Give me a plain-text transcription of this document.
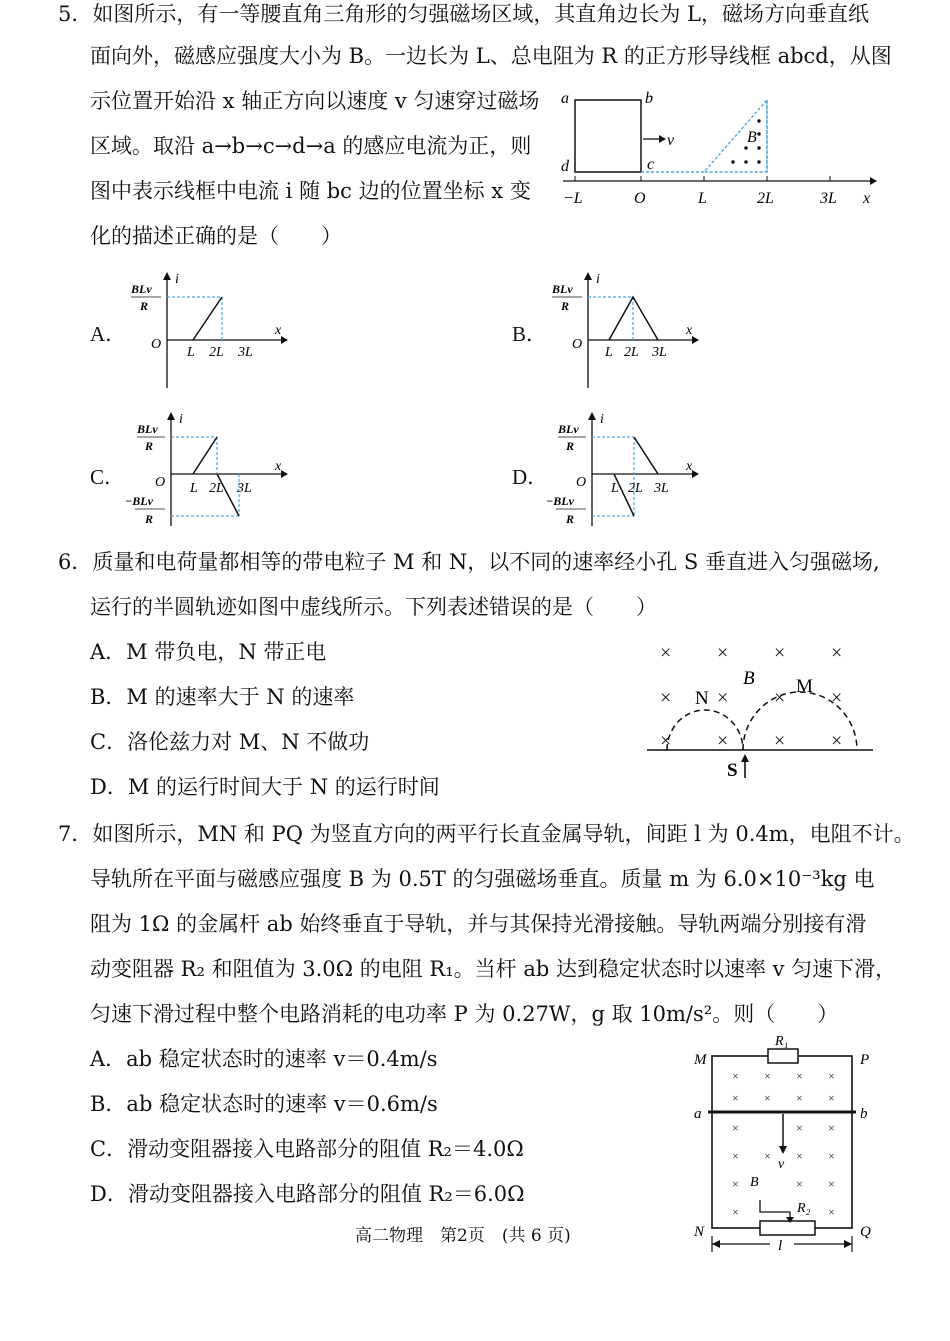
5．如图所示，有一等腰直角三角形的匀强磁场区域，其直角边长为 L，磁场方向垂直纸
面向外，磁感应强度大小为 B。一边长为 L、总电阻为 R 的正方形导线框 abcd，从图
示位置开始沿 x 轴正方向以速度 v 匀速穿过磁场
区域。取沿 a→b→c→d→a 的感应电流为正，则
图中表示线框中电流 i 随 bc 边的位置坐标 x 变
化的描述正确的是（　　）
v	B
a	b
c
d
−L	O	L	2L	3L x
A．	B．
C．	D．
i
x
O
BLv
R
L 2L 3L
i
x
O
BLv
R
L 2L 3L
i
x
O
BLv
R
−BLv
R
L 2L 3L
i
x
O
BLv
R
−BLv
R
L 2L 3L
6．质量和电荷量都相等的带电粒子 M 和 N，以不同的速率经小孔 S 垂直进入匀强磁场,
运行的半圆轨迹如图中虚线所示。下列表述错误的是（　　）
A．M 带负电，N 带正电
B．M 的速率大于 N 的速率
C．洛伦兹力对 M、N 不做功
D．M 的运行时间大于 N 的运行时间
× × × ×
× × × ×
× × × ×
B M
N
S
7．如图所示，MN 和 PQ 为竖直方向的两平行长直金属导轨，间距 l 为 0.4m，电阻不计。
导轨所在平面与磁感应强度 B 为 0.5T 的匀强磁场垂直。质量 m 为 6.0×10⁻³kg 电
阻为 1Ω 的金属杆 ab 始终垂直于导轨，并与其保持光滑接触。导轨两端分别接有滑
动变阻器 R₂ 和阻值为 3.0Ω 的电阻 R₁。当杆 ab 达到稳定状态时以速率 v 匀速下滑，
匀速下滑过程中整个电路消耗的电功率 P 为 0.27W，g 取 10m/s²。则（　　）
A．ab 稳定状态时的速率 v＝0.4m/s
B．ab 稳定状态时的速率 v＝0.6m/s
C．滑动变阻器接入电路部分的阻值 R₂＝4.0Ω
D．滑动变阻器接入电路部分的阻值 R₂＝6.0Ω
R₁
v
R₂
× × × ×
× × × ×
×	× ×
× × × ×
×	× ×
×	×
B
M	P
a	b
N	Q
l
高二物理　第2页　(共 6 页)
